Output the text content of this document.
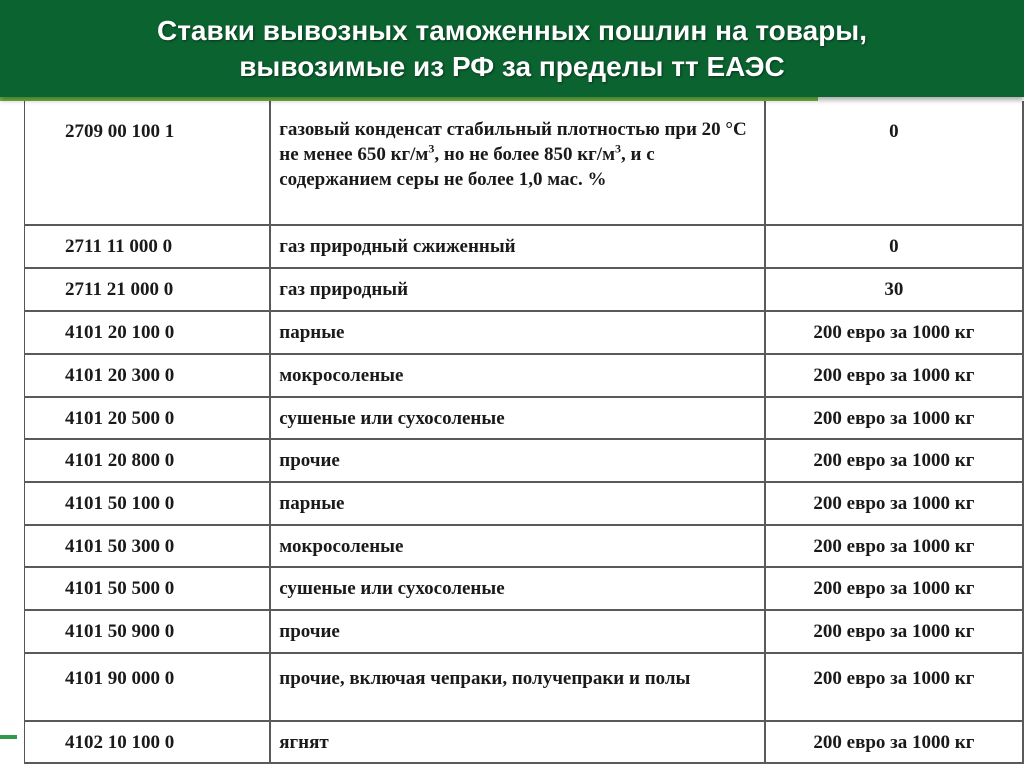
Ставки вывозных таможенных пошлин на товары,
вывозимые из РФ за пределы тт ЕАЭС
2709 00 100 1	газовый конденсат стабильный плотностью при 20 °С не менее 650 $кг/м^3$, но не более 850 $кг/м^3$, и с содержанием серы не более 1,0 мас. %	0
2711 11 000 0	газ природный сжиженный	0
2711 21 000 0	газ природный	30
4101 20 100 0	парные	200 евро за 1000 кг
4101 20 300 0	мокросоленые	200 евро за 1000 кг
4101 20 500 0	сушеные или сухосоленые	200 евро за 1000 кг
4101 20 800 0	прочие	200 евро за 1000 кг
4101 50 100 0	парные	200 евро за 1000 кг
4101 50 300 0	мокросоленые	200 евро за 1000 кг
4101 50 500 0	сушеные или сухосоленые	200 евро за 1000 кг
4101 50 900 0	прочие	200 евро за 1000 кг
4101 90 000 0	прочие, включая чепраки, получепраки и полы	200 евро за 1000 кг
4102 10 100 0	ягнят	200 евро за 1000 кг
